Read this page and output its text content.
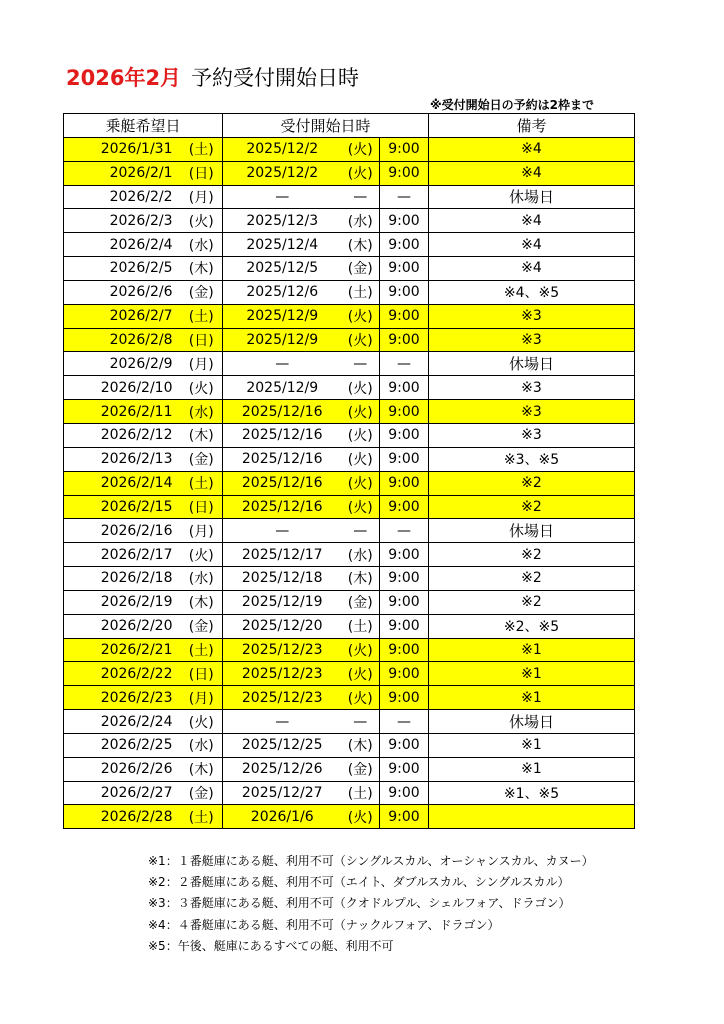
2026年2月 予約受付開始日時
※受付開始日の予約は2枠まで
乗艇希望日		受付開始日時			備考
2026/1/31	(土)	2025/12/2	(火)	9:00	※4
2026/2/1	(日)	2025/12/2	(火)	9:00	※4
2026/2/2	(月)	—	—	—	休場日
2026/2/3	(火)	2025/12/3	(水)	9:00	※4
2026/2/4	(水)	2025/12/4	(木)	9:00	※4
2026/2/5	(木)	2025/12/5	(金)	9:00	※4
2026/2/6	(金)	2025/12/6	(土)	9:00	※4、※5
2026/2/7	(土)	2025/12/9	(火)	9:00	※3
2026/2/8	(日)	2025/12/9	(火)	9:00	※3
2026/2/9	(月)	—	—	—	休場日
2026/2/10	(火)	2025/12/9	(火)	9:00	※3
2026/2/11	(水)	2025/12/16	(火)	9:00	※3
2026/2/12	(木)	2025/12/16	(火)	9:00	※3
2026/2/13	(金)	2025/12/16	(火)	9:00	※3、※5
2026/2/14	(土)	2025/12/16	(火)	9:00	※2
2026/2/15	(日)	2025/12/16	(火)	9:00	※2
2026/2/16	(月)	—	—	—	休場日
2026/2/17	(火)	2025/12/17	(水)	9:00	※2
2026/2/18	(水)	2025/12/18	(木)	9:00	※2
2026/2/19	(木)	2025/12/19	(金)	9:00	※2
2026/2/20	(金)	2025/12/20	(土)	9:00	※2、※5
2026/2/21	(土)	2025/12/23	(火)	9:00	※1
2026/2/22	(日)	2025/12/23	(火)	9:00	※1
2026/2/23	(月)	2025/12/23	(火)	9:00	※1
2026/2/24	(火)	—	—	—	休場日
2026/2/25	(水)	2025/12/25	(木)	9:00	※1
2026/2/26	(木)	2025/12/26	(金)	9:00	※1
2026/2/27	(金)	2025/12/27	(土)	9:00	※1、※5
2026/2/28	(土)	2026/1/6	(火)	9:00	
※1：１番艇庫にある艇、利用不可（シングルスカル、オーシャンスカル、カヌー）
※2：２番艇庫にある艇、利用不可（エイト、ダブルスカル、シングルスカル）
※3：３番艇庫にある艇、利用不可（クオドルプル、シェルフォア、ドラゴン）
※4：４番艇庫にある艇、利用不可（ナックルフォア、ドラゴン）
※5：午後、艇庫にあるすべての艇、利用不可
